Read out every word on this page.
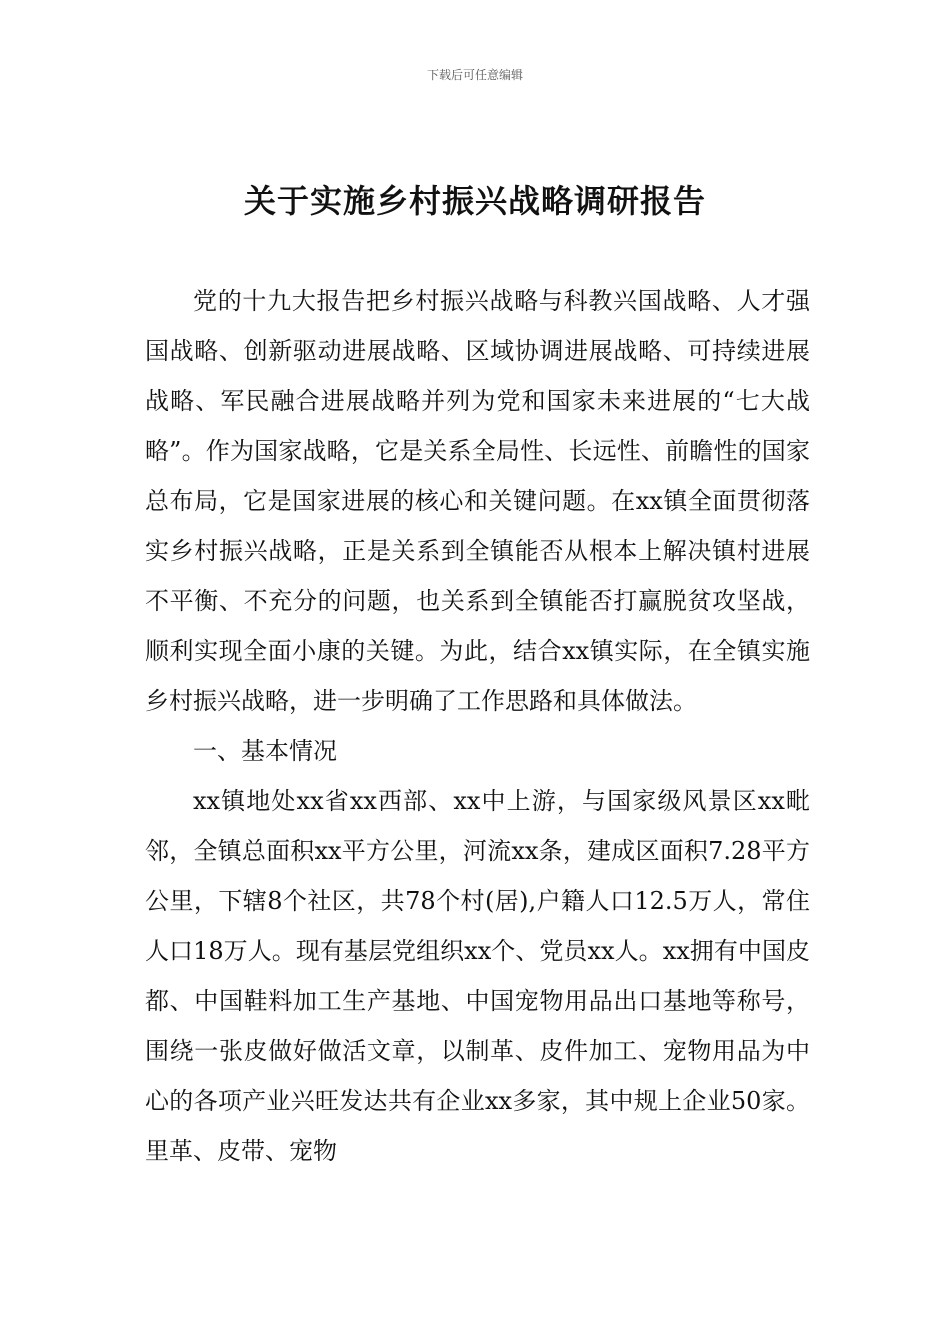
下载后可任意编辑
关于实施乡村振兴战略调研报告

党的十九大报告把乡村振兴战略与科教兴国战略、人才强国战略、创新驱动进展战略、区域协调进展战略、可持续进展战略、军民融合进展战略并列为党和国家未来进展的“七大战略”。作为国家战略，它是关系全局性、长远性、前瞻性的国家总布局，它是国家进展的核心和关键问题。在xx镇全面贯彻落实乡村振兴战略，正是关系到全镇能否从根本上解决镇村进展不平衡、不充分的问题，也关系到全镇能否打赢脱贫攻坚战，顺利实现全面小康的关键。为此，结合xx镇实际，在全镇实施乡村振兴战略，进一步明确了工作思路和具体做法。

一、基本情况

xx镇地处xx省xx西部、xx中上游，与国家级风景区xx毗邻，全镇总面积xx平方公里，河流xx条，建成区面积7.28平方公里，下辖8个社区，共78个村(居),户籍人口12.5万人，常住人口18万人。现有基层党组织xx个、党员xx人。xx拥有中国皮都、中国鞋料加工生产基地、中国宠物用品出口基地等称号，围绕一张皮做好做活文章，以制革、皮件加工、宠物用品为中心的各项产业兴旺发达共有企业xx多家，其中规上企业50家。里革、皮带、宠物
